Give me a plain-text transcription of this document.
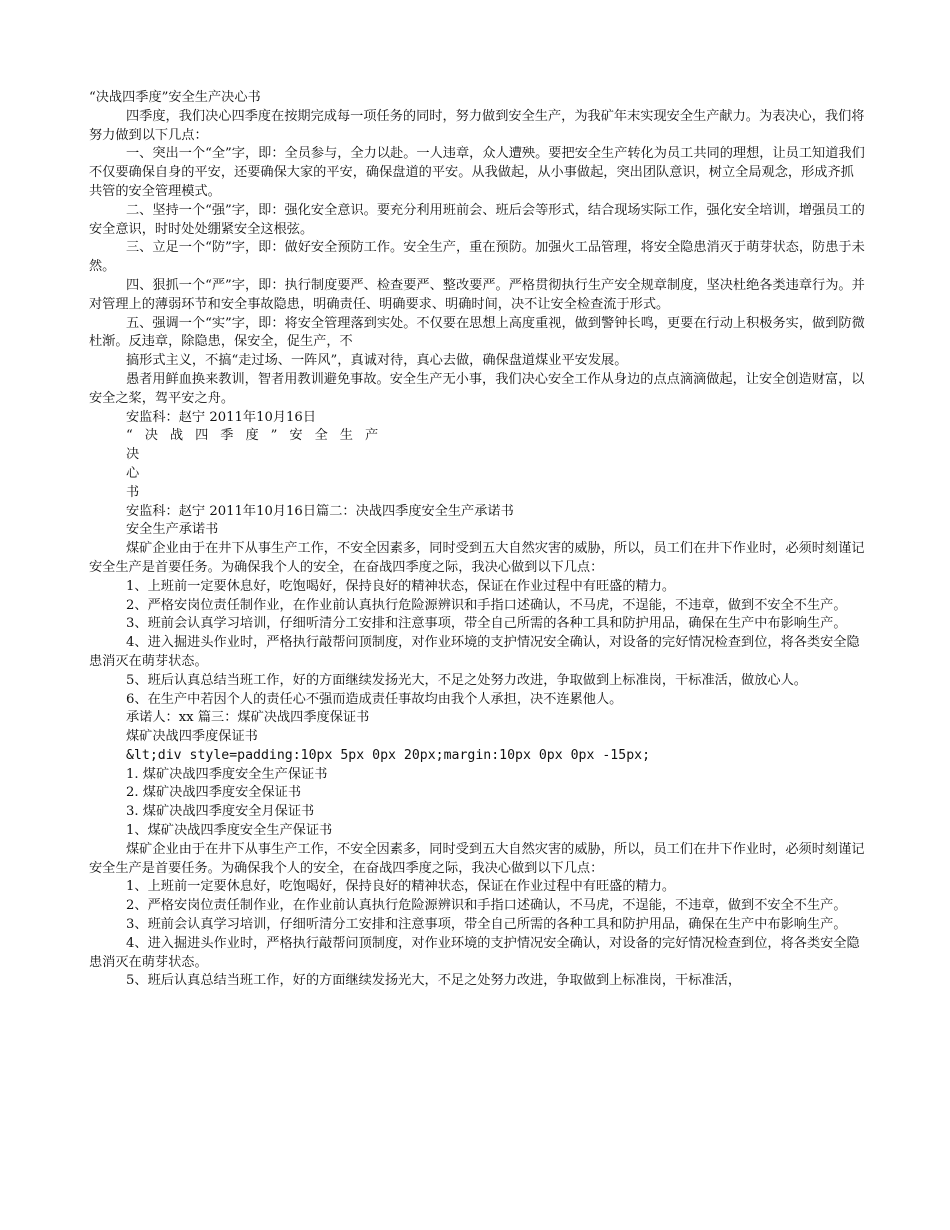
“决战四季度”安全生产决心书

四季度，我们决心四季度在按期完成每一项任务的同时，努力做到安全生产，为我矿年末实现安全生产献力。为表决心，我们将努力做到以下几点：

一、突出一个“全”字，即：全员参与，全力以赴。一人违章，众人遭殃。要把安全生产转化为员工共同的理想，让员工知道我们不仅要确保自身的平安，还要确保大家的平安，确保盘道的平安。从我做起，从小事做起，突出团队意识，树立全局观念，形成齐抓共管的安全管理模式。

二、坚持一个“强”字，即：强化安全意识。要充分利用班前会、班后会等形式，结合现场实际工作，强化安全培训，增强员工的安全意识，时时处处绷紧安全这根弦。

三、立足一个“防”字，即：做好安全预防工作。安全生产，重在预防。加强火工品管理，将安全隐患消灭于萌芽状态，防患于未然。

四、狠抓一个“严”字，即：执行制度要严、检查要严、整改要严。严格贯彻执行生产安全规章制度，坚决杜绝各类违章行为。并对管理上的薄弱环节和安全事故隐患，明确责任、明确要求、明确时间，决不让安全检查流于形式。

五、强调一个“实”字，即：将安全管理落到实处。不仅要在思想上高度重视，做到警钟长鸣，更要在行动上积极务实，做到防微杜渐。反违章，除隐患，保安全，促生产，不

搞形式主义，不搞“走过场、一阵风”，真诚对待，真心去做，确保盘道煤业平安发展。

愚者用鲜血换来教训，智者用教训避免事故。安全生产无小事，我们决心安全工作从身边的点点滴滴做起，让安全创造财富，以安全之桨，驾平安之舟。

安监科：赵宁 2011年10月16日

“决战四季度”安全生产

决

心

书

安监科：赵宁 2011年10月16日篇二：决战四季度安全生产承诺书

安全生产承诺书

煤矿企业由于在井下从事生产工作，不安全因素多，同时受到五大自然灾害的威胁，所以，员工们在井下作业时，必须时刻谨记安全生产是首要任务。为确保我个人的安全，在奋战四季度之际，我决心做到以下几点：

1、上班前一定要休息好，吃饱喝好，保持良好的精神状态，保证在作业过程中有旺盛的精力。

2、严格安岗位责任制作业，在作业前认真执行危险源辨识和手指口述确认，不马虎，不逞能，不违章，做到不安全不生产。

3、班前会认真学习培训，仔细听清分工安排和注意事项，带全自己所需的各种工具和防护用品，确保在生产中布影响生产。

4、进入掘进头作业时，严格执行敲帮问顶制度，对作业环境的支护情况安全确认，对设备的完好情况检查到位，将各类安全隐患消灭在萌芽状态。

5、班后认真总结当班工作，好的方面继续发扬光大，不足之处努力改进，争取做到上标准岗，干标准活，做放心人。

6、在生产中若因个人的责任心不强而造成责任事故均由我个人承担，决不连累他人。

承诺人：xx 篇三：煤矿决战四季度保证书

煤矿决战四季度保证书

&lt;div style=padding:10px 5px 0px 20px;margin:10px 0px 0px -15px;

1. 煤矿决战四季度安全生产保证书

2. 煤矿决战四季度安全保证书

3. 煤矿决战四季度安全月保证书

1、煤矿决战四季度安全生产保证书

煤矿企业由于在井下从事生产工作，不安全因素多，同时受到五大自然灾害的威胁，所以，员工们在井下作业时，必须时刻谨记安全生产是首要任务。为确保我个人的安全，在奋战四季度之际，我决心做到以下几点：

1、上班前一定要休息好，吃饱喝好，保持良好的精神状态，保证在作业过程中有旺盛的精力。

2、严格安岗位责任制作业，在作业前认真执行危险源辨识和手指口述确认，不马虎，不逞能，不违章，做到不安全不生产。

3、班前会认真学习培训，仔细听清分工安排和注意事项，带全自己所需的各种工具和防护用品，确保在生产中布影响生产。

4、进入掘进头作业时，严格执行敲帮问顶制度，对作业环境的支护情况安全确认，对设备的完好情况检查到位，将各类安全隐患消灭在萌芽状态。

5、班后认真总结当班工作，好的方面继续发扬光大，不足之处努力改进，争取做到上标准岗，干标准活，
